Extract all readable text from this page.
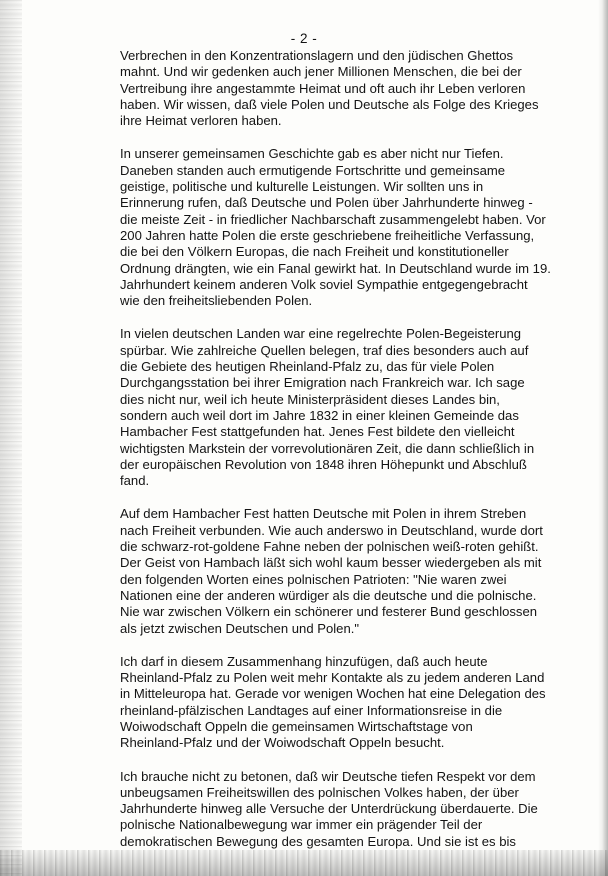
- 2 -

Verbrechen in den Konzentrationslagern und den jüdischen Ghettos
mahnt. Und wir gedenken auch jener Millionen Menschen, die bei der
Vertreibung ihre angestammte Heimat und oft auch ihr Leben verloren
haben. Wir wissen, daß viele Polen und Deutsche als Folge des Krieges
ihre Heimat verloren haben.

In unserer gemeinsamen Geschichte gab es aber nicht nur Tiefen.
Daneben standen auch ermutigende Fortschritte und gemeinsame
geistige, politische und kulturelle Leistungen. Wir sollten uns in
Erinnerung rufen, daß Deutsche und Polen über Jahrhunderte hinweg -
die meiste Zeit - in friedlicher Nachbarschaft zusammengelebt haben. Vor
200 Jahren hatte Polen die erste geschriebene freiheitliche Verfassung,
die bei den Völkern Europas, die nach Freiheit und konstitutioneller
Ordnung drängten, wie ein Fanal gewirkt hat. In Deutschland wurde im 19.
Jahrhundert keinem anderen Volk soviel Sympathie entgegengebracht
wie den freiheitsliebenden Polen.

In vielen deutschen Landen war eine regelrechte Polen-Begeisterung
spürbar. Wie zahlreiche Quellen belegen, traf dies besonders auch auf
die Gebiete des heutigen Rheinland-Pfalz zu, das für viele Polen
Durchgangsstation bei ihrer Emigration nach Frankreich war. Ich sage
dies nicht nur, weil ich heute Ministerpräsident dieses Landes bin,
sondern auch weil dort im Jahre 1832 in einer kleinen Gemeinde das
Hambacher Fest stattgefunden hat. Jenes Fest bildete den vielleicht
wichtigsten Markstein der vorrevolutionären Zeit, die dann schließlich in
der europäischen Revolution von 1848 ihren Höhepunkt und Abschluß
fand.

Auf dem Hambacher Fest hatten Deutsche mit Polen in ihrem Streben
nach Freiheit verbunden. Wie auch anderswo in Deutschland, wurde dort
die schwarz-rot-goldene Fahne neben der polnischen weiß-roten gehißt.
Der Geist von Hambach läßt sich wohl kaum besser wiedergeben als mit
den folgenden Worten eines polnischen Patrioten: "Nie waren zwei
Nationen eine der anderen würdiger als die deutsche und die polnische.
Nie war zwischen Völkern ein schönerer und festerer Bund geschlossen
als jetzt zwischen Deutschen und Polen."

Ich darf in diesem Zusammenhang hinzufügen, daß auch heute
Rheinland-Pfalz zu Polen weit mehr Kontakte als zu jedem anderen Land
in Mitteleuropa hat. Gerade vor wenigen Wochen hat eine Delegation des
rheinland-pfälzischen Landtages auf einer Informationsreise in die
Woiwodschaft Oppeln die gemeinsamen Wirtschaftstage von
Rheinland-Pfalz und der Woiwodschaft Oppeln besucht.

Ich brauche nicht zu betonen, daß wir Deutsche tiefen Respekt vor dem
unbeugsamen Freiheitswillen des polnischen Volkes haben, der über
Jahrhunderte hinweg alle Versuche der Unterdrückung überdauerte. Die
polnische Nationalbewegung war immer ein prägender Teil der
demokratischen Bewegung des gesamten Europa. Und sie ist es bis
